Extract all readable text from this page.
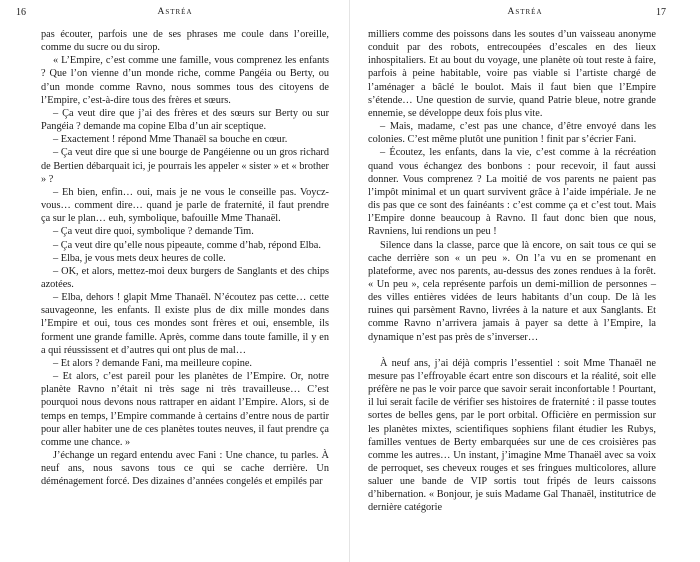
16	Astréa

pas écouter, parfois une de ses phrases me coule dans l’oreille, comme du sucre ou du sirop.

« L’Empire, c’est comme une famille, vous comprenez les enfants ? Que l’on vienne d’un monde riche, comme Pangéia ou Berty, ou d’un monde comme Ravno, nous sommes tous des citoyens de l’Empire, c’est-à-dire tous des frères et sœurs.

– Ça veut dire que j’ai des frères et des sœurs sur Berty ou sur Pangéia ? demande ma copine Elba d’un air sceptique.

– Exactement ! répond Mme Thanaël sa bouche en cœur.

– Ça veut dire que si une bourge de Pangéienne ou un gros richard de Bertien débarquait ici, je pourrais les appeler « sister » et « brother » ?

– Eh bien, enfin… oui, mais je ne vous le conseille pas. Voycz-vous… comment dire… quand je parle de fraternité, il faut prendre ça sur le plan… euh, symbolique, bafouille Mme Thanaël.

– Ça veut dire quoi, symbolique ? demande Tim.

– Ça veut dire qu’elle nous pipeaute, comme d’hab, répond Elba.

– Elba, je vous mets deux heures de colle.

– OK, et alors, mettez-moi deux burgers de Sanglants et des chips azotées.

– Elba, dehors ! glapit Mme Thanaël. N’écoutez pas cette… cette sauvageonne, les enfants. Il existe plus de dix mille mondes dans l’Empire et oui, tous ces mondes sont frères et oui, ensemble, ils forment une grande famille. Après, comme dans toute famille, il y en a qui réussissent et d’autres qui ont plus de mal…

– Et alors ? demande Fani, ma meilleure copine.

– Et alors, c’est pareil pour les planètes de l’Empire. Or, notre planète Ravno n’était ni très sage ni très travailleuse… C’est pourquoi nous devons nous rattraper en aidant l’Empire. Alors, si de temps en temps, l’Empire commande à certains d’entre nous de partir pour aller habiter une de ces planètes toutes neuves, il faut prendre ça comme une chance. »

J’échange un regard entendu avec Fani : Une chance, tu parles. À neuf ans, nous savons tous ce qui se cache derrière. Un déménagement forcé. Des dizaines d’années congelés et empilés par

Astréa	17

milliers comme des poissons dans les soutes d’un vaisseau anonyme conduit par des robots, entrecoupées d’escales en des lieux inhospitaliers. Et au bout du voyage, une planète où tout reste à faire, parfois à peine habitable, voire pas viable si l’artiste chargé de l’aménager a bâclé le boulot. Mais il faut bien que l’Empire s’étende… Une question de survie, quand Patrie bleue, notre grande ennemie, se développe deux fois plus vite.

– Mais, madame, c’est pas une chance, d’être envoyé dans les colonies. C’est même plutôt une punition ! finit par s’écrier Fani.

– Écoutez, les enfants, dans la vie, c’est comme à la récréation quand vous échangez des bonbons : pour recevoir, il faut aussi donner. Vous comprenez ? La moitié de vos parents ne paient pas l’impôt minimal et un quart survivent grâce à l’aide impériale. Je ne dis pas que ce sont des fainéants : c’est comme ça et c’est tout. Mais l’Empire donne beaucoup à Ravno. Il faut donc bien que nous, Ravniens, lui rendions un peu !

Silence dans la classe, parce que là encore, on sait tous ce qui se cache derrière son « un peu ». On l’a vu en se promenant en plateforme, avec nos parents, au-dessus des zones rendues à la forêt. « Un peu », cela représente parfois un demi-million de personnes – des villes entières vidées de leurs habitants d’un coup. De là les ruines qui parsèment Ravno, livrées à la nature et aux Sanglants. Et comme Ravno n’arrivera jamais à payer sa dette à l’Empire, la dynamique n’est pas près de s’inverser…

À neuf ans, j’ai déjà compris l’essentiel : soit Mme Thanaël ne mesure pas l’effroyable écart entre son discours et la réalité, soit elle préfère ne pas le voir parce que savoir serait inconfortable ! Pourtant, il lui serait facile de vérifier ses histoires de fraternité : il passe toutes sortes de belles gens, par le port orbital. Officière en permission sur les planètes mixtes, scientifiques sophiens filant étudier les Rubys, familles ventues de Berty embarquées sur une de ces croisières pas comme les autres… Un instant, j’imagine Mme Thanaël avec sa voix de perroquet, ses cheveux rouges et ses fringues multicolores, allure saluer une bande de VIP sortis tout fripés de leurs caissons d’hibernation. « Bonjour, je suis Madame Gal Thanaël, institutrice de dernière catégorie
